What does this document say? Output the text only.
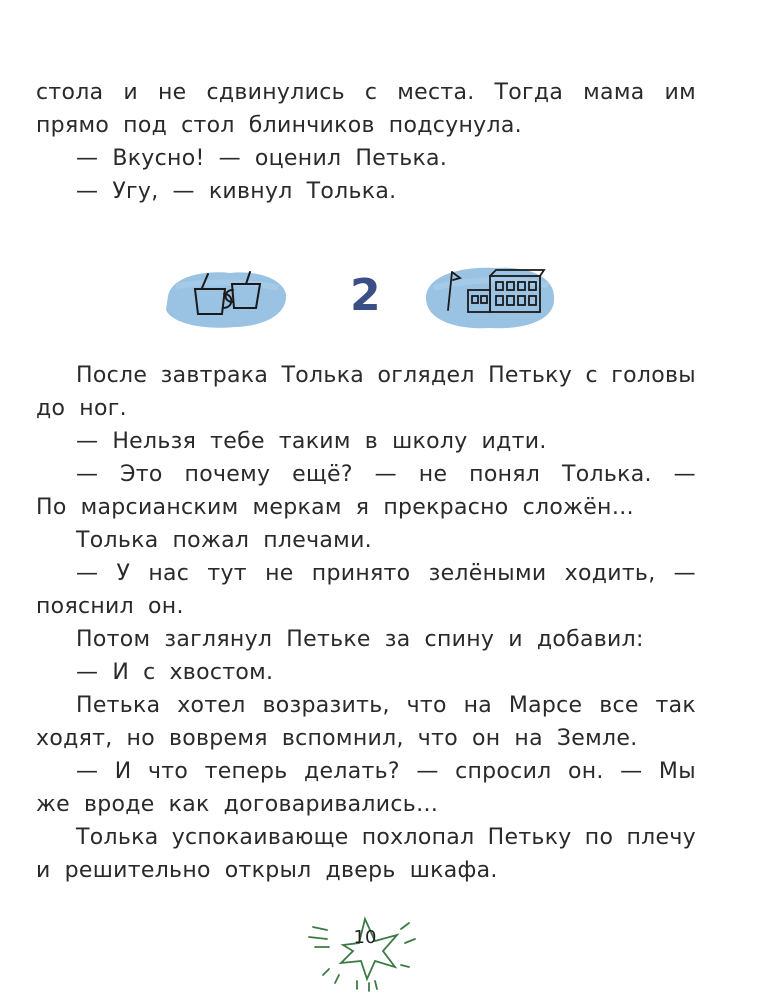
стола и не сдвинулись с места. Тогда мама им
прямо под стол блинчиков подсунула.
— Вкусно! — оценил Петька.
— Угу, — кивнул Толька.
2
После завтрака Толька оглядел Петьку с головы
до ног.
— Нельзя тебе таким в школу идти.
— Это почему ещё? — не понял Толька. —
По марсианским меркам я прекрасно сложён…
Толька пожал плечами.
— У нас тут не принято зелёными ходить, —
пояснил он.
Потом заглянул Петьке за спину и добавил:
— И с хвостом.
Петька хотел возразить, что на Марсе все так
ходят, но вовремя вспомнил, что он на Земле.
— И что теперь делать? — спросил он. — Мы
же вроде как договаривались…
Толька успокаивающе похлопал Петьку по плечу
и решительно открыл дверь шкафа.
10
